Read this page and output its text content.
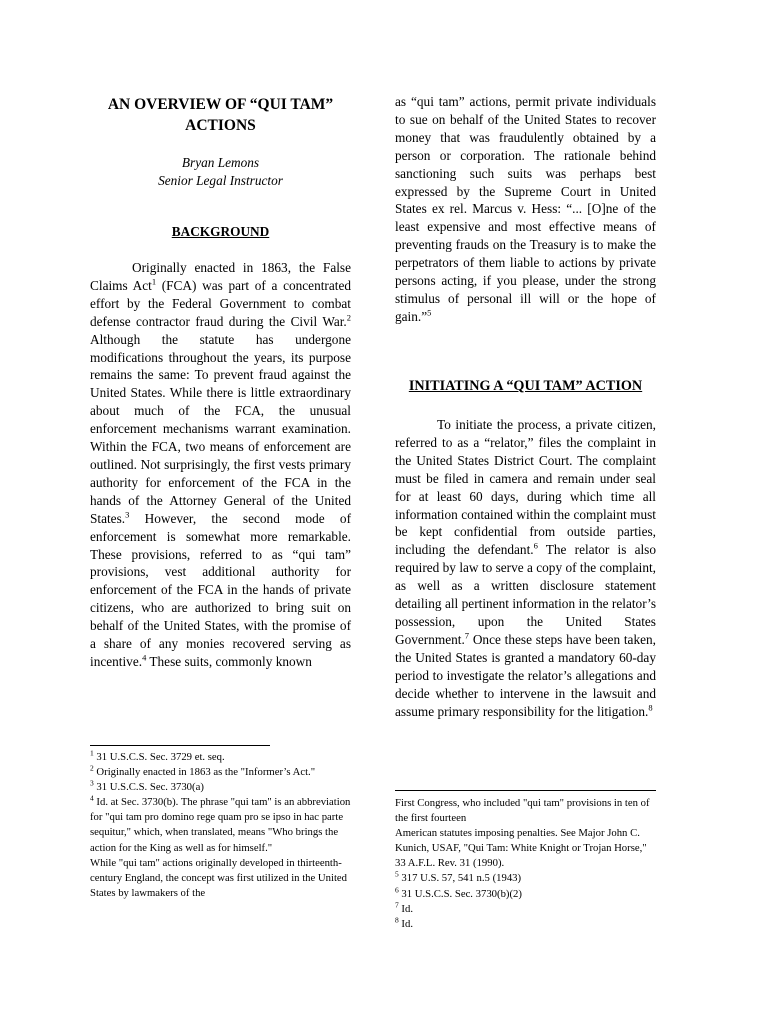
AN OVERVIEW OF “QUI TAM”
ACTIONS
Bryan Lemons
Senior Legal Instructor
BACKGROUND

Originally enacted in 1863, the False Claims Act$^1$ (FCA) was part of a concentrated effort by the Federal Government to combat defense contractor fraud during the Civil War.$^2$ Although the statute has undergone modifications throughout the years, its purpose remains the same: To prevent fraud against the United States. While there is little extraordinary about much of the FCA, the unusual enforcement mechanisms warrant examination. Within the FCA, two means of enforcement are outlined. Not surprisingly, the first vests primary authority for enforcement of the FCA in the hands of the Attorney General of the United States.$^3$ However, the second mode of enforcement is somewhat more remarkable. These provisions, referred to as “qui tam” provisions, vest additional authority for enforcement of the FCA in the hands of private citizens, who are authorized to bring suit on behalf of the United States, with the promise of a share of any monies recovered serving as incentive.$^4$ These suits, commonly known

$^1$ 31 U.S.C.S. Sec. 3729 et. seq.

$^2$ Originally enacted in 1863 as the "Informer’s Act."

$^3$ 31 U.S.C.S. Sec. 3730(a)

$^4$ Id. at Sec. 3730(b). The phrase "qui tam" is an abbreviation for "qui tam pro domino rege quam pro se ipso in hac parte sequitur," which, when translated, means "Who brings the action for the King as well as for himself."

While "qui tam" actions originally developed in thirteenth-century England, the concept was first utilized in the United States by lawmakers of the

as “qui tam” actions, permit private individuals to sue on behalf of the United States to recover money that was fraudulently obtained by a person or corporation. The rationale behind sanctioning such suits was perhaps best expressed by the Supreme Court in United States ex rel. Marcus v. Hess: “... [O]ne of the least expensive and most effective means of preventing frauds on the Treasury is to make the perpetrators of them liable to actions by private persons acting, if you please, under the strong stimulus of personal ill will or the hope of gain.”$^5$

INITIATING A “QUI TAM” ACTION

To initiate the process, a private citizen, referred to as a “relator,” files the complaint in the United States District Court. The complaint must be filed in camera and remain under seal for at least 60 days, during which time all information contained within the complaint must be kept confidential from outside parties, including the defendant.$^6$ The relator is also required by law to serve a copy of the complaint, as well as a written disclosure statement detailing all pertinent information in the relator’s possession, upon the United States Government.$^7$ Once these steps have been taken, the United States is granted a mandatory 60-day period to investigate the relator’s allegations and decide whether to intervene in the lawsuit and assume primary responsibility for the litigation.$^8$

First Congress, who included "qui tam" provisions in ten of the first fourteen

American statutes imposing penalties. See Major John C. Kunich, USAF, "Qui Tam: White Knight or Trojan Horse," 33 A.F.L. Rev. 31 (1990).

$^5$ 317 U.S. 57, 541 n.5 (1943)

$^6$ 31 U.S.C.S. Sec. 3730(b)(2)

$^7$ Id.

$^8$ Id.
